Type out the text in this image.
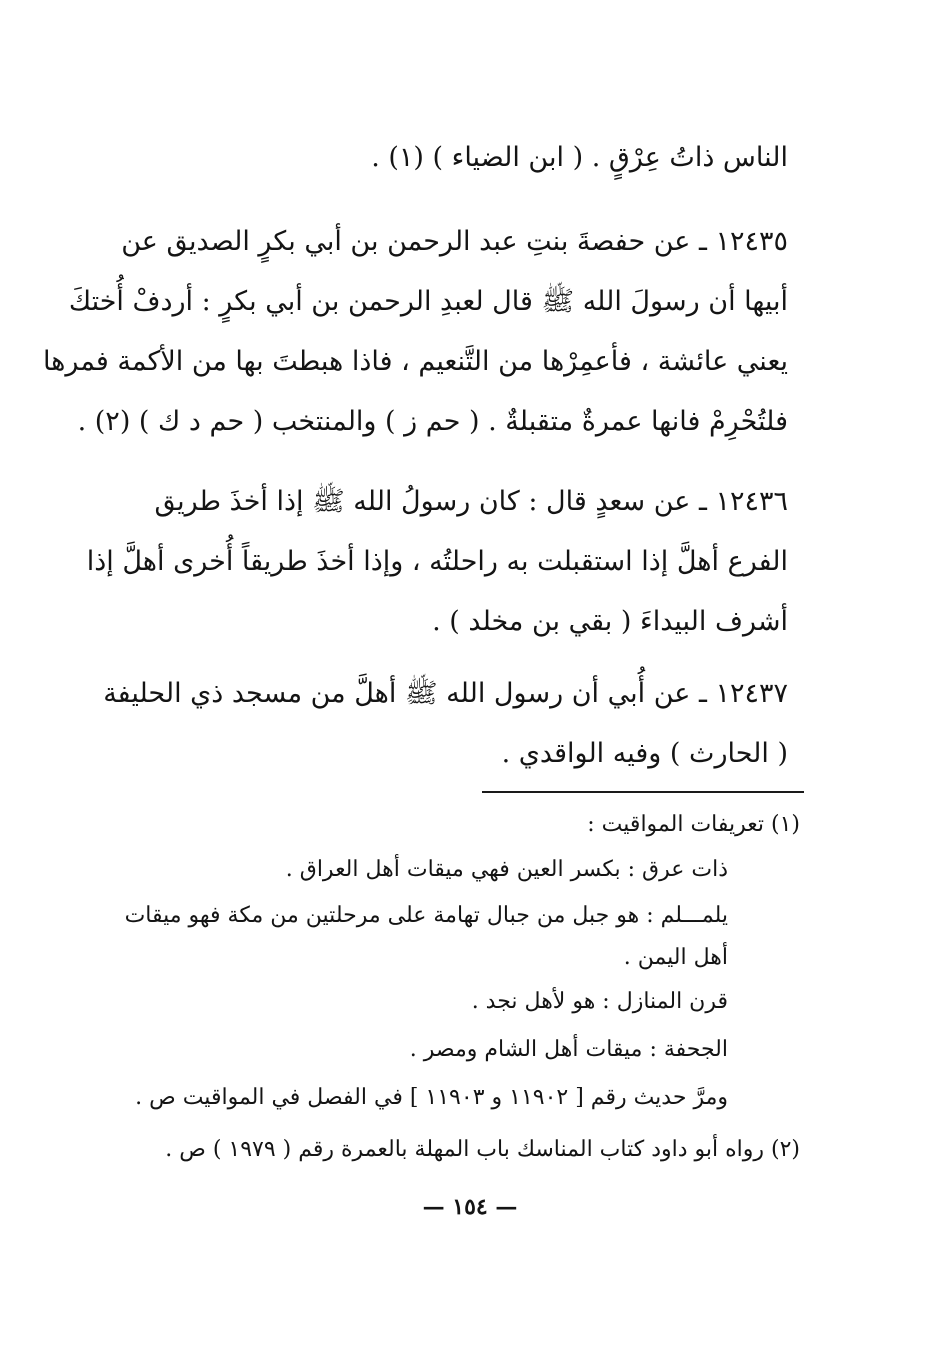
الناس ذاتُ عِرْقٍ . ( ابن الضياء ) (١) .
١٢٤٣٥ ـ عن حفصةَ بنتِ عبد الرحمن بن أبي بكرٍ الصديق عن
أبيها أن رسولَ الله ﷺ قال لعبدِ الرحمن بن أبي بكرٍ : أردفْ أُختكَ
يعني عائشة ، فأعمِرْها من التَّنعيم ، فاذا هبطتَ بها من الأكمة فمرها
فلتُحْرِمْ فانها عمرةٌ متقبلةٌ . ( حم ز ) والمنتخب ( حم د ك ) (٢) .
١٢٤٣٦ ـ عن سعدٍ قال : كان رسولُ الله ﷺ إذا أخذَ طريق
الفرع أهلَّ إذا استقبلت به راحلتُه ، وإذا أخذَ طريقاً أُخرى أهلَّ إذا
أشرف البيداءَ ( بقي بن مخلد ) .
١٢٤٣٧ ـ عن أُبي أن رسول الله ﷺ أهلَّ من مسجد ذي الحليفة
( الحارث ) وفيه الواقدي .
(١) تعريفات المواقيت :
ذات عرق : بكسر العين فهي ميقات أهل العراق .
يلمـــلم : هو جبل من جبال تهامة على مرحلتين من مكة فهو ميقات
أهل اليمن .
قرن المنازل : هو لأهل نجد .
الجحفة : ميقات أهل الشام ومصر .
ومرَّ حديث رقم [ ١١٩٠٢ و ١١٩٠٣ ] في الفصل في المواقيت ص .
(٢) رواه أبو داود كتاب المناسك باب المهلة بالعمرة رقم ( ١٩٧٩ ) ص .
— ١٥٤ —
